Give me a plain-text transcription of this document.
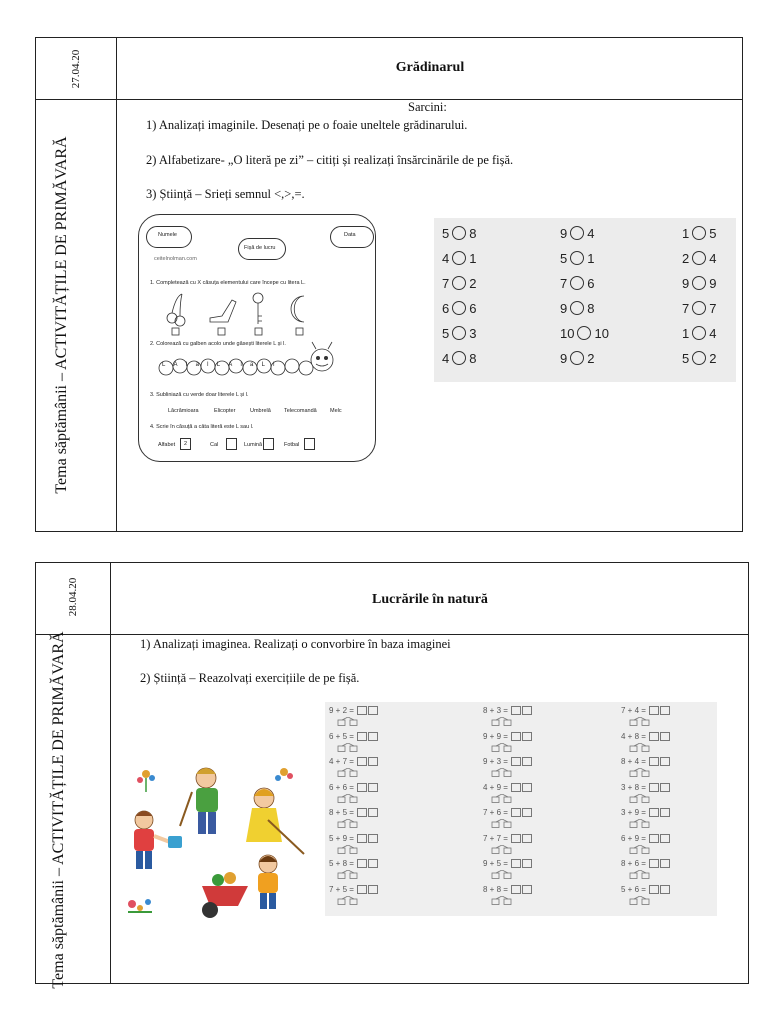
27.04.20	Grădinarul
Tema săptămânii – ACTIVITĂȚILE DE PRIMĂVARĂ
Sarcini:
1) Analizați imaginile. Desenați pe o foaie uneltele grădinarului.
2) Alfabetizare- „O literă pe zi” – citiți și realizați însărcinările de pe fișă.
3) Științǎ – Srieți semnul <,>,=.
Numele
Fișă de lucru
Data
ceitelnolman.com
1. Completează cu X căsuța elementului care începe cu litera L.
2. Colorează cu galben acolo unde găsești literele L și l.
LAIalLAlaLl
3. Subliniază cu verde doar literele L și l.
Lăcrămioara	Elicopter	Umbrelă Telecomandă Melc
4. Scrie în căsuță a câta literă este L sau l.
Alfabet	2	Cal	Lumină	Fotbal
5 8	9 4	1 5
4 1	5 1	2 4
7 2	7 6	9 9
6 6	9 8	7 7
5 3	10 10	1 4
4 8	9 2	5 2
28.04.20	Lucrările în natură
Tema săptămânii – ACTIVITĂȚILE DE PRIMĂVARĂ	1) Analizați imaginea. Realizați o convorbire în baza imaginei
2) Științǎ – Reazolvați exercițiile de pe fișă.
9 + 2 =	8 + 3 =	7 + 4 =
6 + 5 =	9 + 9 =	4 + 8 =
4 + 7 =	9 + 3 =	8 + 4 =
6 + 6 =	4 + 9 =	3 + 8 =
8 + 5 =	7 + 6 =	3 + 9 =
5 + 9 =	7 + 7 =	6 + 9 =
5 + 8 =	9 + 5 =	8 + 6 =
7 + 5 =	8 + 8 =	5 + 6 =
